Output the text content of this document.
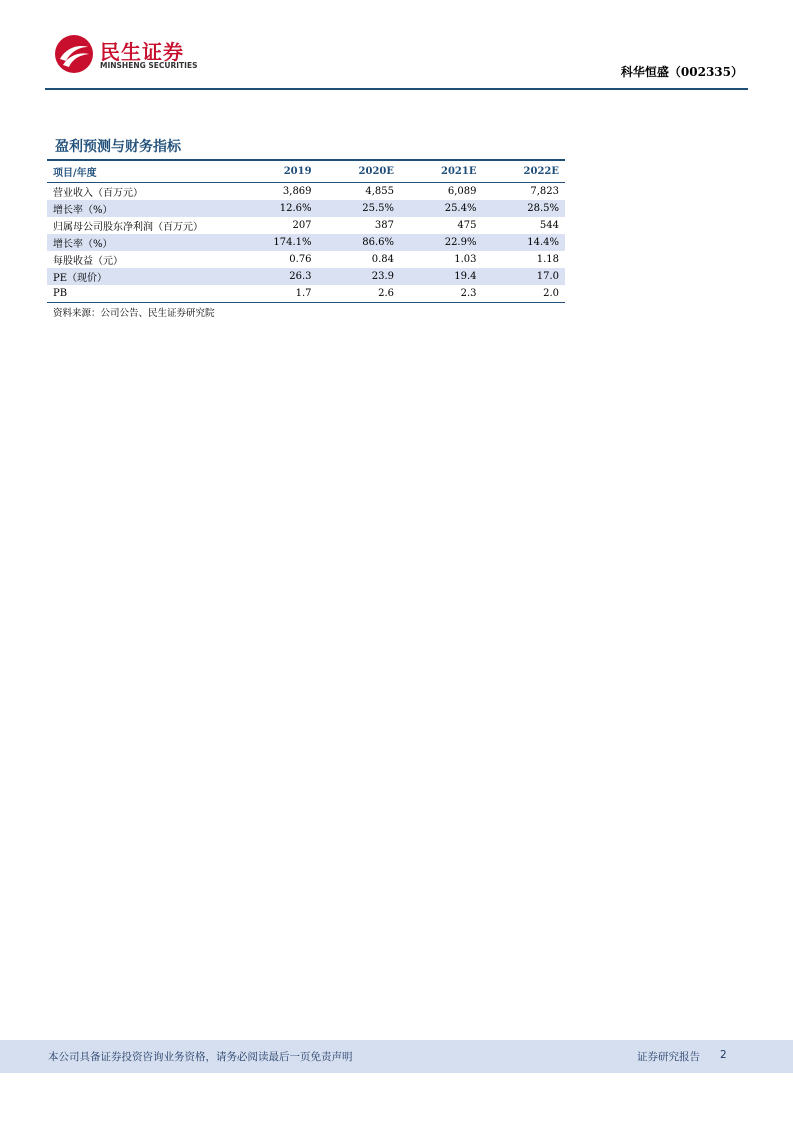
民生证券
MINSHENG SECURITIES	科华恒盛（002335）
盈利预测与财务指标
项目/年度	2019	2020E	2021E	2022E
营业收入（百万元）	3,869	4,855	6,089	7,823
增长率（%）	12.6%	25.5%	25.4%	28.5%
归属母公司股东净利润（百万元）	207	387	475	544
增长率（%）	174.1%	86.6%	22.9%	14.4%
每股收益（元）	0.76	0.84	1.03	1.18
PE（现价）	26.3	23.9	19.4	17.0
PB	1.7	2.6	2.3	2.0
资料来源：公司公告、民生证券研究院
本公司具备证券投资咨询业务资格，请务必阅读最后一页免责声明	证券研究报告 2
